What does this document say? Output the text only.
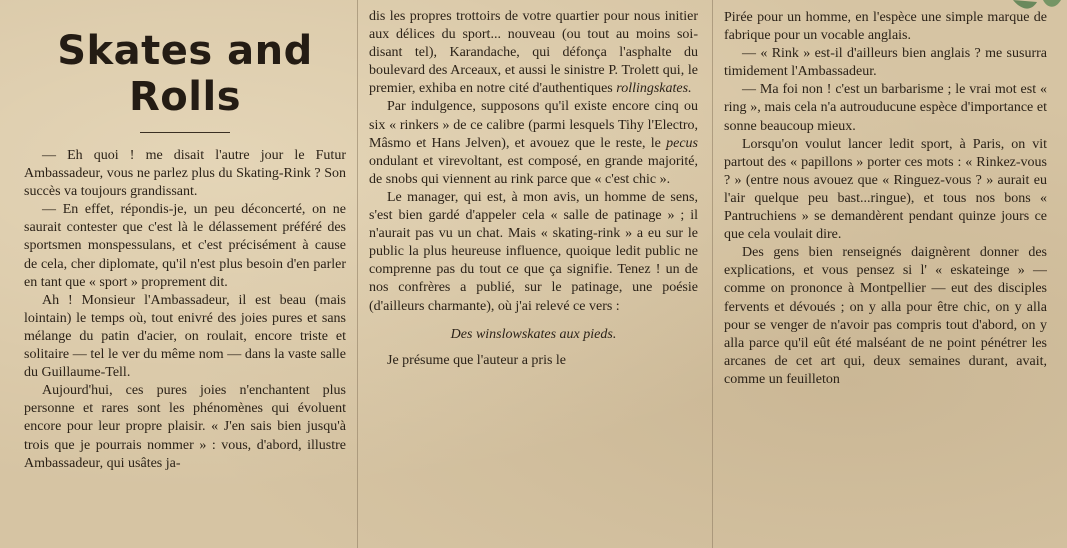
Skates and Rolls

— Eh quoi ! me disait l'autre jour le Futur Ambassadeur, vous ne parlez plus du Skating-Rink ? Son succès va toujours grandissant.

— En effet, répondis-je, un peu déconcerté, on ne saurait contester que c'est là le délassement préféré des sportsmen monspessulans, et c'est précisément à cause de cela, cher diplomate, qu'il n'est plus besoin d'en parler en tant que « sport » proprement dit.

Ah ! Monsieur l'Ambassadeur, il est beau (mais lointain) le temps où, tout enivré des joies pures et sans mélange du patin d'acier, on roulait, encore triste et solitaire — tel le ver du même nom — dans la vaste salle du Guillaume-Tell.

Aujourd'hui, ces pures joies n'enchantent plus personne et rares sont les phénomènes qui évoluent encore pour leur propre plaisir. « J'en sais bien jusqu'à trois que je pourrais nommer » : vous, d'abord, illustre Ambassadeur, qui usâtes ja-

dis les propres trottoirs de votre quartier pour nous initier aux délices du sport... nouveau (ou tout au moins soi-disant tel), Karandache, qui défonça l'asphalte du boulevard des Arceaux, et aussi le sinistre P. Trolett qui, le premier, exhiba en notre cité d'authentiques rollingskates.

Par indulgence, supposons qu'il existe encore cinq ou six « rinkers » de ce calibre (parmi lesquels Tihy l'Electro, Mâsmo et Hans Jelven), et avouez que le reste, le pecus ondulant et virevoltant, est composé, en grande majorité, de snobs qui viennent au rink parce que « c'est chic ».

Le manager, qui est, à mon avis, un homme de sens, s'est bien gardé d'appeler cela « salle de patinage » ; il n'aurait pas vu un chat. Mais « skating-rink » a eu sur le public la plus heureuse influence, quoique ledit public ne comprenne pas du tout ce que ça signifie. Tenez ! un de nos confrères a publié, sur le patinage, une poésie (d'ailleurs charmante), où j'ai relevé ce vers :

Des winslowskates aux pieds.

Je présume que l'auteur a pris le

Pirée pour un homme, en l'espèce une simple marque de fabrique pour un vocable anglais.

— « Rink » est-il d'ailleurs bien anglais ? me susurra timidement l'Ambassadeur.

— Ma foi non ! c'est un barbarisme ; le vrai mot est « ring », mais cela n'a autrouducune espèce d'importance et sonne beaucoup mieux.

Lorsqu'on voulut lancer ledit sport, à Paris, on vit partout des « papillons » porter ces mots : « Rinkez-vous ? » (entre nous avouez que « Ringuez-vous ? » aurait eu l'air quelque peu bast...ringue), et tous nos bons « Pantruchiens » se demandèrent pendant quinze jours ce que cela voulait dire.

Des gens bien renseignés daignèrent donner des explications, et vous pensez si l' « eskateinge » — comme on prononce à Montpellier — eut des disciples fervents et dévoués ; on y alla pour être chic, on y alla pour se venger de n'avoir pas compris tout d'abord, on y alla parce qu'il eût été malséant de ne point pénétrer les arcanes de cet art qui, deux semaines durant, avait, comme un feuilleton
